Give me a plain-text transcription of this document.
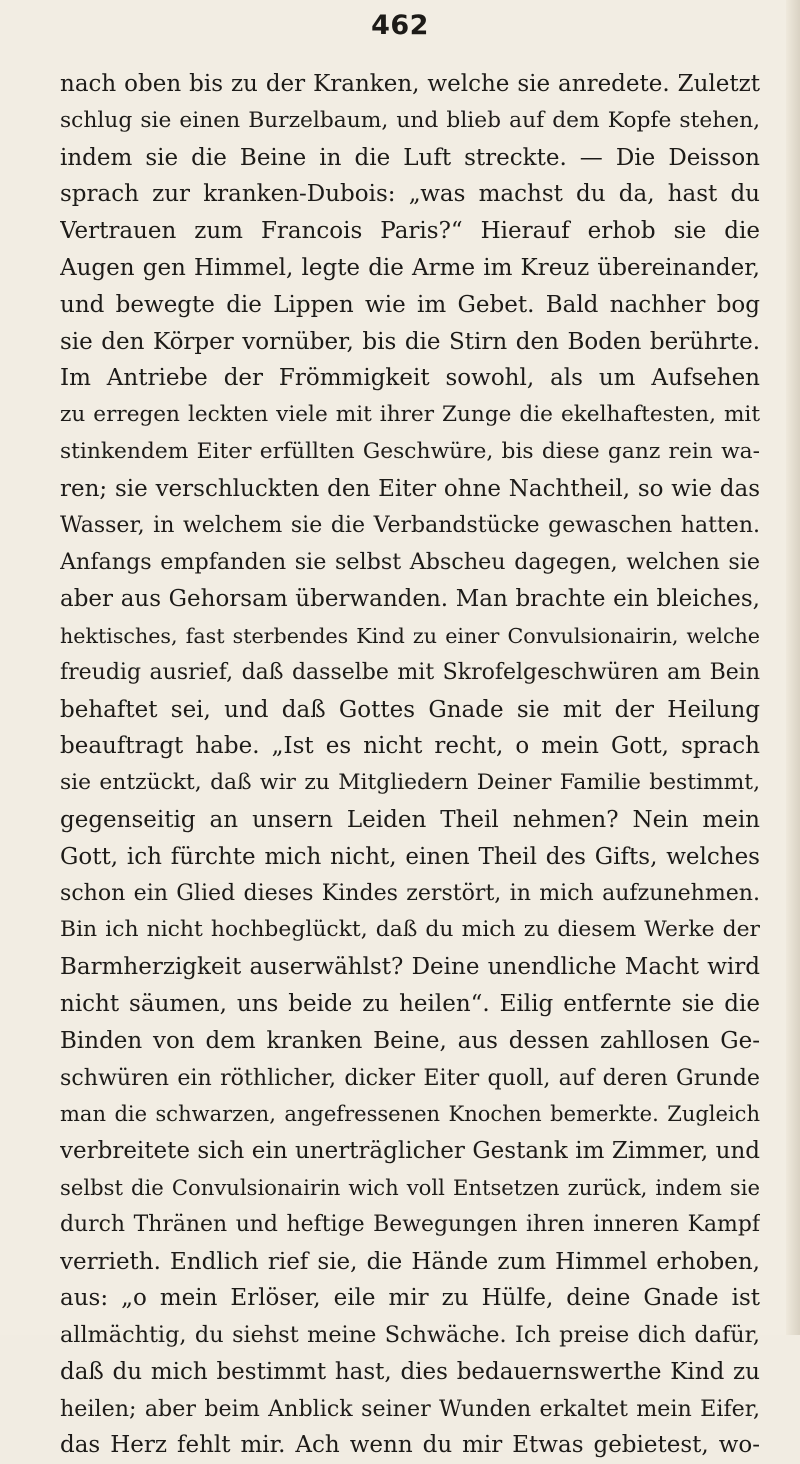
462
nach oben bis zu der Kranken, welche sie anredete. Zuletzt
schlug sie einen Burzelbaum, und blieb auf dem Kopfe stehen,
indem sie die Beine in die Luft streckte. — Die Deisson
sprach zur kranken-Dubois: „was machst du da, hast du
Vertrauen zum Francois Paris?“ Hierauf erhob sie die
Augen gen Himmel, legte die Arme im Kreuz übereinander,
und bewegte die Lippen wie im Gebet. Bald nachher bog
sie den Körper vornüber, bis die Stirn den Boden berührte.
Im Antriebe der Frömmigkeit sowohl, als um Aufsehen
zu erregen leckten viele mit ihrer Zunge die ekelhaftesten, mit
stinkendem Eiter erfüllten Geschwüre, bis diese ganz rein wa-
ren; sie verschluckten den Eiter ohne Nachtheil, so wie das
Wasser, in welchem sie die Verbandstücke gewaschen hatten.
Anfangs empfanden sie selbst Abscheu dagegen, welchen sie
aber aus Gehorsam überwanden. Man brachte ein bleiches,
hektisches, fast sterbendes Kind zu einer Convulsionairin, welche
freudig ausrief, daß dasselbe mit Skrofelgeschwüren am Bein
behaftet sei, und daß Gottes Gnade sie mit der Heilung
beauftragt habe. „Ist es nicht recht, o mein Gott, sprach
sie entzückt, daß wir zu Mitgliedern Deiner Familie bestimmt,
gegenseitig an unsern Leiden Theil nehmen? Nein mein
Gott, ich fürchte mich nicht, einen Theil des Gifts, welches
schon ein Glied dieses Kindes zerstört, in mich aufzunehmen.
Bin ich nicht hochbeglückt, daß du mich zu diesem Werke der
Barmherzigkeit auserwählst? Deine unendliche Macht wird
nicht säumen, uns beide zu heilen“. Eilig entfernte sie die
Binden von dem kranken Beine, aus dessen zahllosen Ge-
schwüren ein röthlicher, dicker Eiter quoll, auf deren Grunde
man die schwarzen, angefressenen Knochen bemerkte. Zugleich
verbreitete sich ein unerträglicher Gestank im Zimmer, und
selbst die Convulsionairin wich voll Entsetzen zurück, indem sie
durch Thränen und heftige Bewegungen ihren inneren Kampf
verrieth. Endlich rief sie, die Hände zum Himmel erhoben,
aus: „o mein Erlöser, eile mir zu Hülfe, deine Gnade ist
allmächtig, du siehst meine Schwäche. Ich preise dich dafür,
daß du mich bestimmt hast, dies bedauernswerthe Kind zu
heilen; aber beim Anblick seiner Wunden erkaltet mein Eifer,
das Herz fehlt mir. Ach wenn du mir Etwas gebietest, wo-
